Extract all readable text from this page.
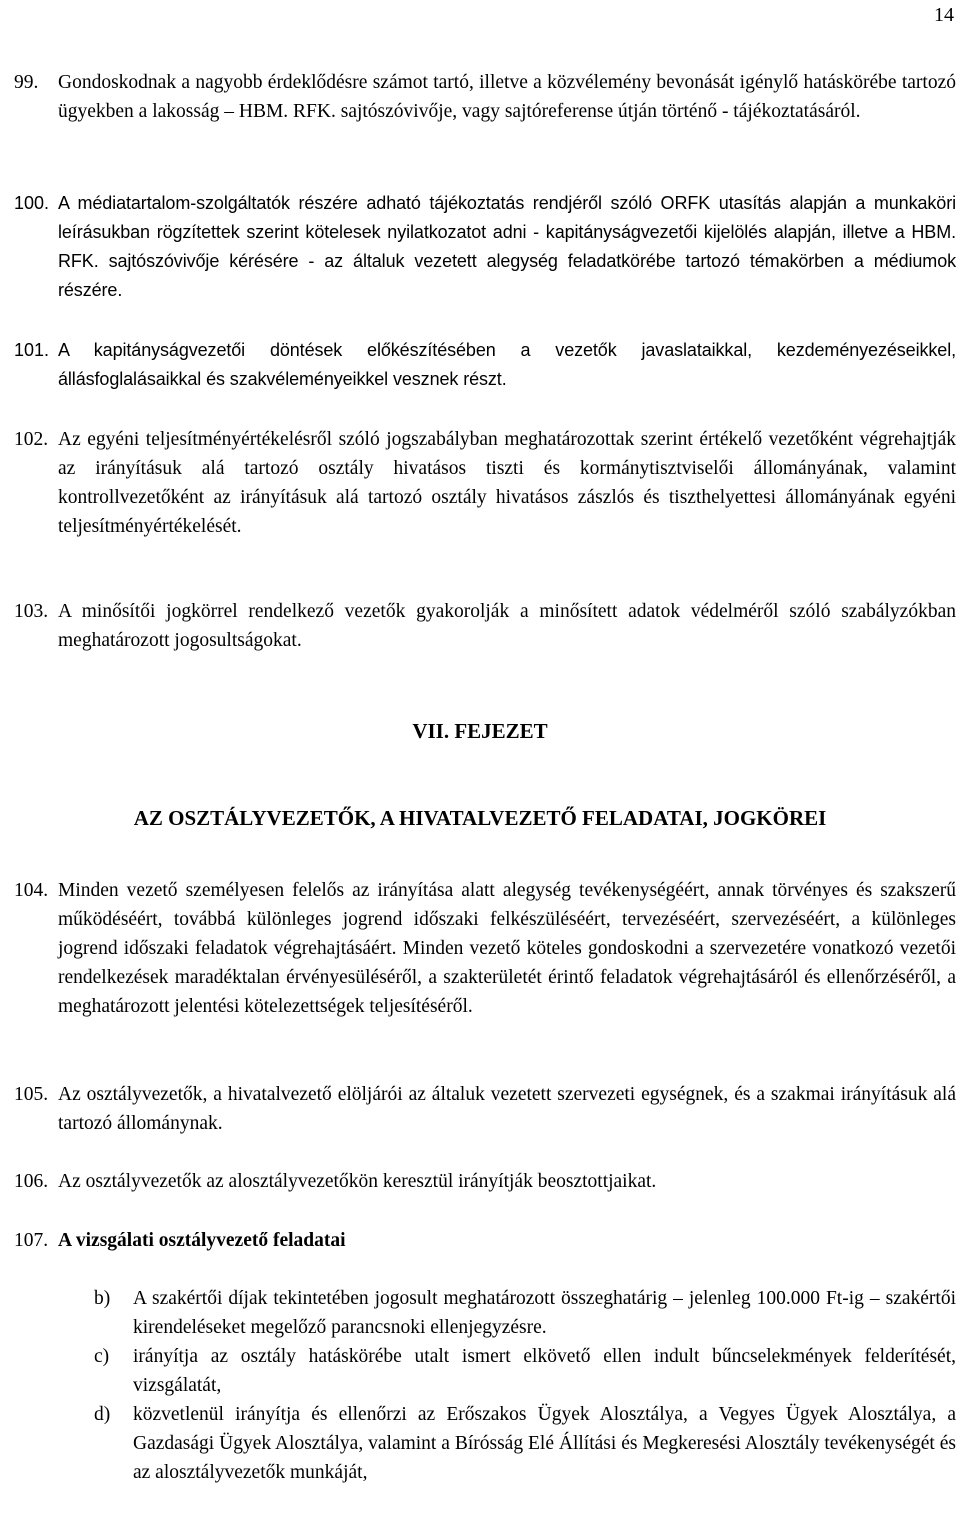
14
99.	Gondoskodnak a nagyobb érdeklődésre számot tartó, illetve a közvélemény bevonását igénylő hatáskörébe tartozó ügyekben a lakosság – HBM. RFK. sajtószóvivője, vagy sajtóreferense útján történő - tájékoztatásáról.
100. A médiatartalom-szolgáltatók részére adható tájékoztatás rendjéről szóló ORFK utasítás alapján a munkaköri leírásukban rögzítettek szerint kötelesek nyilatkozatot adni - kapitányságvezetői kijelölés alapján, illetve a HBM. RFK. sajtószóvivője kérésére - az általuk vezetett alegység feladatkörébe tartozó témakörben a médiumok részére.
101. A kapitányságvezetői döntések előkészítésében a vezetők javaslataikkal, kezdeményezéseikkel, állásfoglalásaikkal és szakvéleményeikkel vesznek részt.
102. Az egyéni teljesítményértékelésről szóló jogszabályban meghatározottak szerint értékelő vezetőként végrehajtják az irányításuk alá tartozó osztály hivatásos tiszti és kormánytisztviselői állományának, valamint kontrollvezetőként az irányításuk alá tartozó osztály hivatásos zászlós és tiszthelyettesi állományának egyéni teljesítményértékelését.
103. A minősítői jogkörrel rendelkező vezetők gyakorolják a minősített adatok védelméről szóló szabályzókban meghatározott jogosultságokat.
VII. FEJEZET
AZ OSZTÁLYVEZETŐK, A HIVATALVEZETŐ FELADATAI, JOGKÖREI
104. Minden vezető személyesen felelős az irányítása alatt alegység tevékenységéért, annak törvényes és szakszerű működéséért, továbbá különleges jogrend időszaki felkészüléséért, tervezéséért, szervezéséért, a különleges jogrend időszaki feladatok végrehajtásáért. Minden vezető köteles gondoskodni a szervezetére vonatkozó vezetői rendelkezések maradéktalan érvényesüléséről, a szakterületét érintő feladatok végrehajtásáról és ellenőrzéséről, a meghatározott jelentési kötelezettségek teljesítéséről.
105. Az osztályvezetők, a hivatalvezető elöljárói az általuk vezetett szervezeti egységnek, és a szakmai irányításuk alá tartozó állománynak.
106. Az osztályvezetők az alosztályvezetőkön keresztül irányítják beosztottjaikat.
107. A vizsgálati osztályvezető feladatai
b) A szakértői díjak tekintetében jogosult meghatározott összeghatárig – jelenleg 100.000 Ft-ig – szakértői kirendeléseket megelőző parancsnoki ellenjegyzésre.
c) irányítja az osztály hatáskörébe utalt ismert elkövető ellen indult bűncselekmények felderítését, vizsgálatát,
d) közvetlenül irányítja és ellenőrzi az Erőszakos Ügyek Alosztálya, a Vegyes Ügyek Alosztálya, a Gazdasági Ügyek Alosztálya, valamint a Bírósság Elé Állítási és Megkeresési Alosztály tevékenységét és az alosztályvezetők munkáját,
